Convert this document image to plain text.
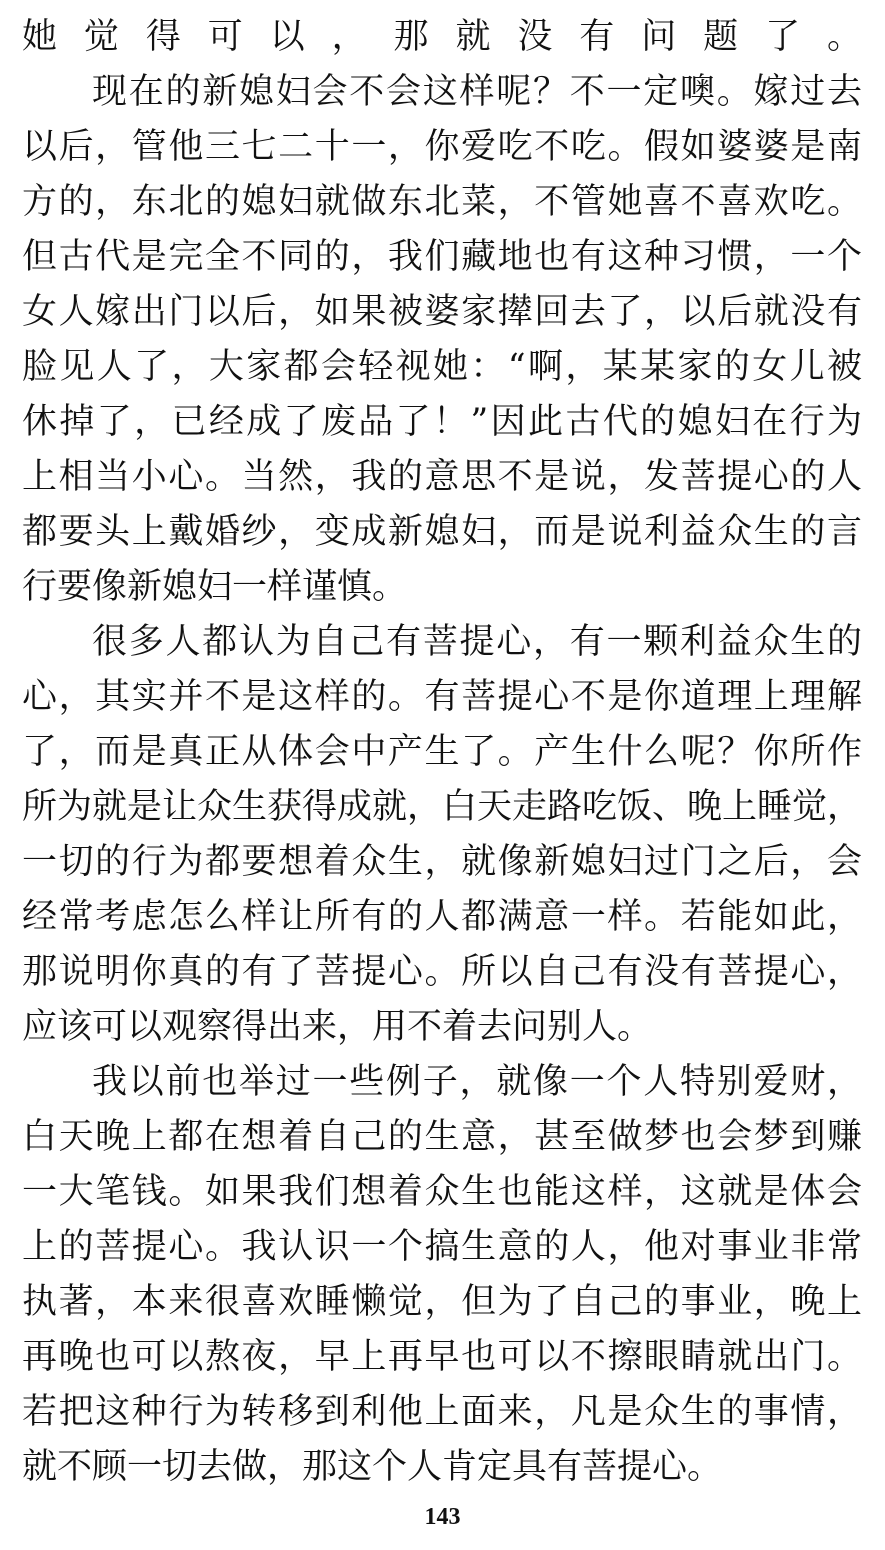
她觉得可以，那就没有问题了。
现在的新媳妇会不会这样呢？不一定噢。嫁过去
以后，管他三七二十一，你爱吃不吃。假如婆婆是南
方的，东北的媳妇就做东北菜，不管她喜不喜欢吃。
但古代是完全不同的，我们藏地也有这种习惯，一个
女人嫁出门以后，如果被婆家撵回去了，以后就没有
脸见人了，大家都会轻视她：“啊，某某家的女儿被
休掉了，已经成了废品了！”因此古代的媳妇在行为
上相当小心。当然，我的意思不是说，发菩提心的人
都要头上戴婚纱，变成新媳妇，而是说利益众生的言
行要像新媳妇一样谨慎。
很多人都认为自己有菩提心，有一颗利益众生的
心，其实并不是这样的。有菩提心不是你道理上理解
了，而是真正从体会中产生了。产生什么呢？你所作
所为就是让众生获得成就，白天走路吃饭、晚上睡觉，
一切的行为都要想着众生，就像新媳妇过门之后，会
经常考虑怎么样让所有的人都满意一样。若能如此，
那说明你真的有了菩提心。所以自己有没有菩提心，
应该可以观察得出来，用不着去问别人。
我以前也举过一些例子，就像一个人特别爱财，
白天晚上都在想着自己的生意，甚至做梦也会梦到赚
一大笔钱。如果我们想着众生也能这样，这就是体会
上的菩提心。我认识一个搞生意的人，他对事业非常
执著，本来很喜欢睡懒觉，但为了自己的事业，晚上
再晚也可以熬夜，早上再早也可以不擦眼睛就出门。
若把这种行为转移到利他上面来，凡是众生的事情，
就不顾一切去做，那这个人肯定具有菩提心。
143
